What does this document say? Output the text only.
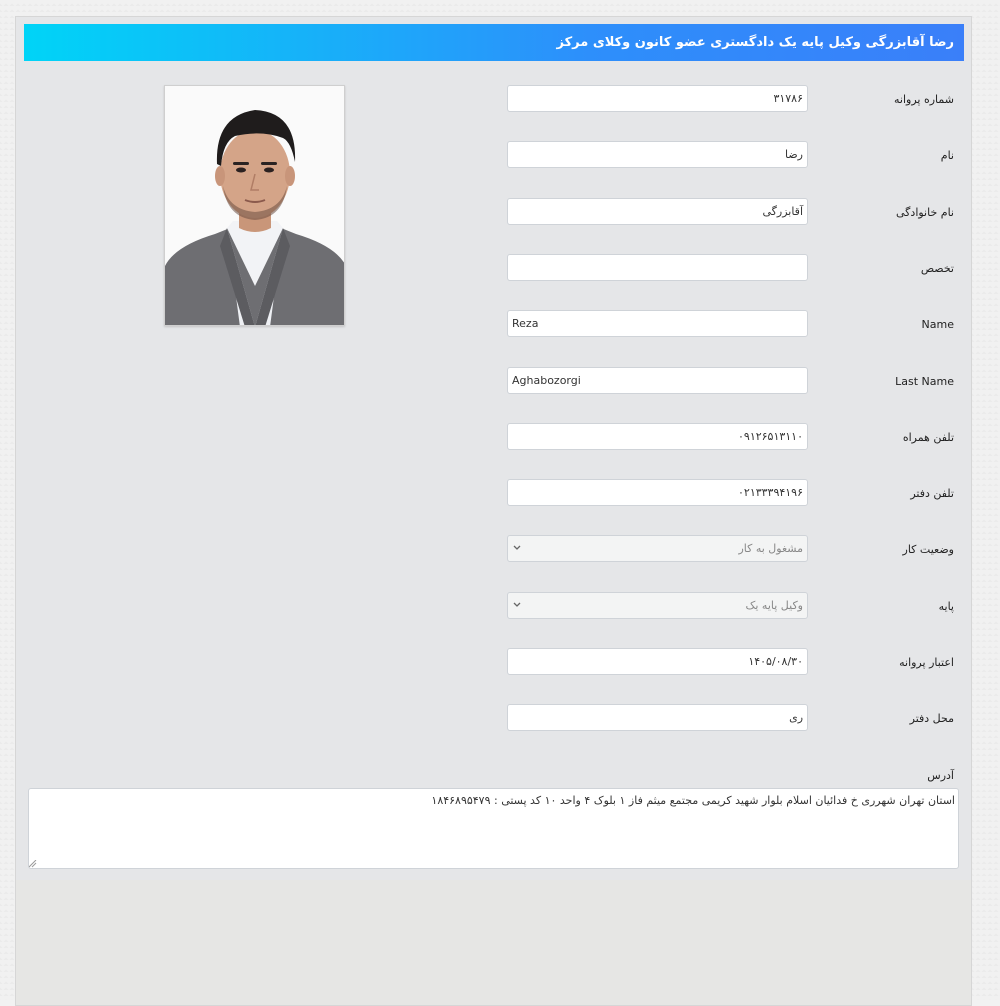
رضا آقابزرگی وکیل پایه یک دادگستری عضو کانون وکلای مرکز
شماره پروانه
۳۱۷۸۶
نام
رضا
نام خانوادگی
آقابزرگی
تخصص
Name
Reza
Last Name
Aghabozorgi
تلفن همراه
۰۹۱۲۶۵۱۳۱۱۰
تلفن دفتر
۰۲۱۳۳۳۹۴۱۹۶
وضعیت کار
مشغول به کار
پایه
وکیل پایه یک
اعتبار پروانه
۱۴۰۵/۰۸/۳۰
محل دفتر
ری
آدرس
استان تهران شهرری خ فدائیان اسلام بلوار شهید کریمی مجتمع میثم فاز ۱ بلوک ۴ واحد ۱۰ کد پستی : ۱۸۴۶۸۹۵۴۷۹
